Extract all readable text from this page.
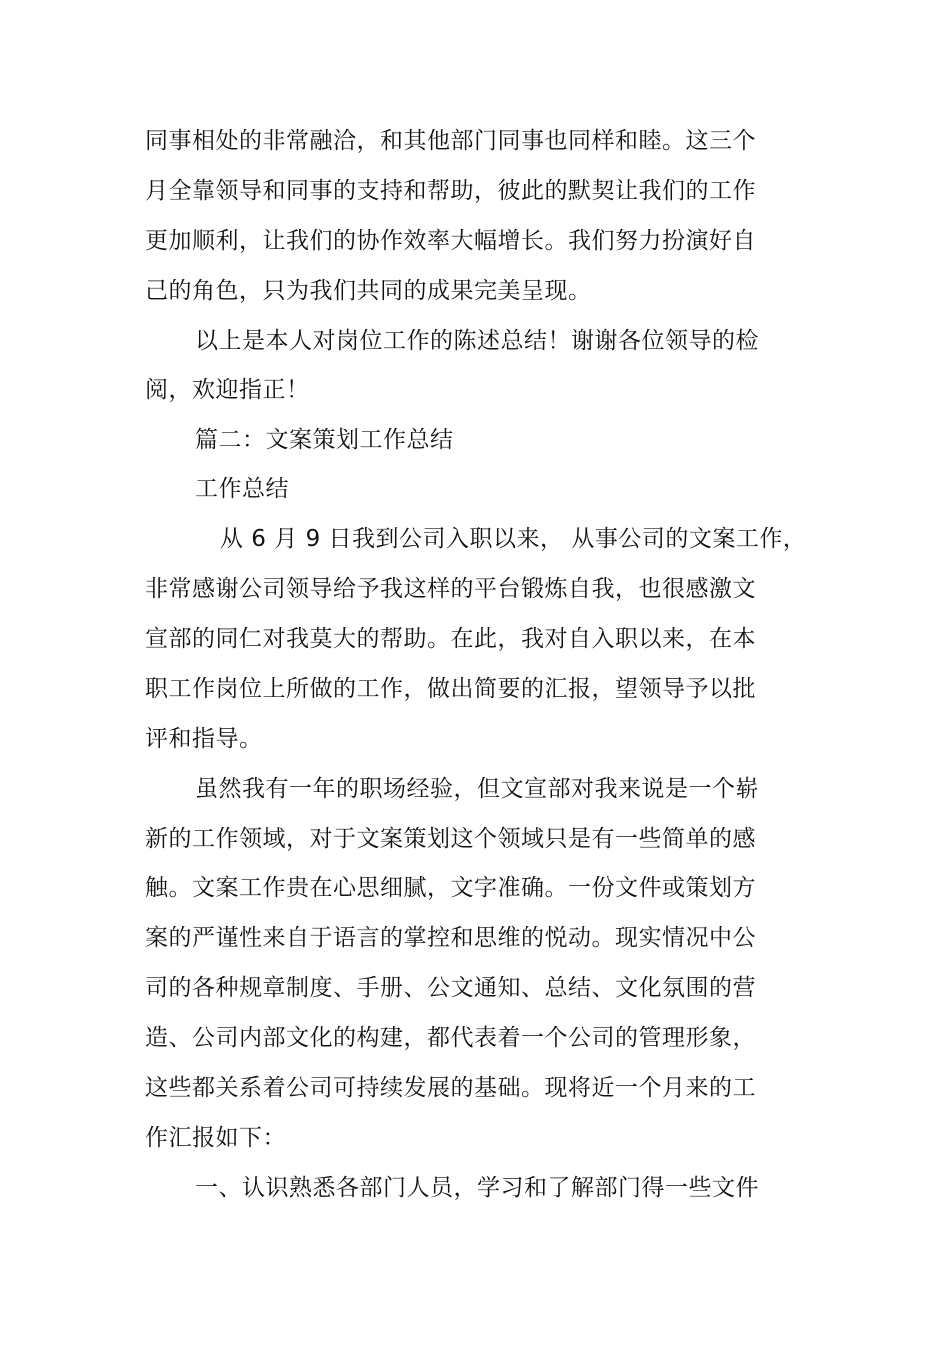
同事相处的非常融洽，和其他部门同事也同样和睦。这三个
月全靠领导和同事的支持和帮助，彼此的默契让我们的工作
更加顺利，让我们的协作效率大幅增长。我们努力扮演好自
己的角色，只为我们共同的成果完美呈现。
以上是本人对岗位工作的陈述总结！谢谢各位领导的检
阅，欢迎指正！
篇二：文案策划工作总结
工作总结
从 6 月 9 日我到公司入职以来， 从事公司的文案工作，
非常感谢公司领导给予我这样的平台锻炼自我，也很感激文
宣部的同仁对我莫大的帮助。在此，我对自入职以来，在本
职工作岗位上所做的工作，做出简要的汇报，望领导予以批
评和指导。
虽然我有一年的职场经验，但文宣部对我来说是一个崭
新的工作领域，对于文案策划这个领域只是有一些简单的感
触。文案工作贵在心思细腻，文字准确。一份文件或策划方
案的严谨性来自于语言的掌控和思维的悦动。现实情况中公
司的各种规章制度、手册、公文通知、总结、文化氛围的营
造、公司内部文化的构建，都代表着一个公司的管理形象，
这些都关系着公司可持续发展的基础。现将近一个月来的工
作汇报如下：
一、认识熟悉各部门人员，学习和了解部门得一些文件
